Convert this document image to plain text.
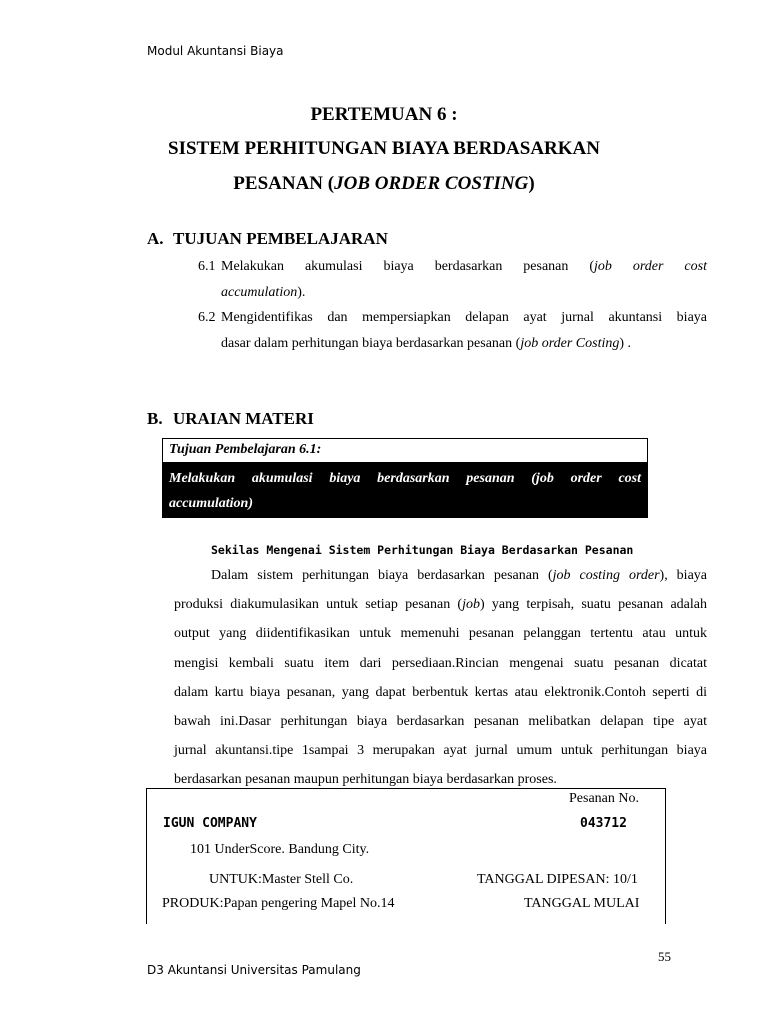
Modul Akuntansi Biaya
PERTEMUAN 6 :
SISTEM PERHITUNGAN BIAYA BERDASARKAN
PESANAN (JOB ORDER COSTING)
A. TUJUAN PEMBELAJARAN
6.1 Melakukan akumulasi biaya berdasarkan pesanan (job order cost
accumulation).
6.2 Mengidentifikas dan mempersiapkan delapan ayat jurnal akuntansi biaya
dasar dalam perhitungan biaya berdasarkan pesanan (job order Costing) .
B. URAIAN MATERI
Tujuan Pembelajaran 6.1:
Melakukan akumulasi biaya berdasarkan pesanan (job order cost
accumulation)
Sekilas Mengenai Sistem Perhitungan Biaya Berdasarkan Pesanan
Dalam sistem perhitungan biaya berdasarkan pesanan (job costing order), biaya
produksi diakumulasikan untuk setiap pesanan (job) yang terpisah, suatu pesanan adalah
output yang diidentifikasikan untuk memenuhi pesanan pelanggan tertentu atau untuk
mengisi kembali suatu item dari persediaan.Rincian mengenai suatu pesanan dicatat
dalam kartu biaya pesanan, yang dapat berbentuk kertas atau elektronik.Contoh seperti di
bawah ini.Dasar perhitungan biaya berdasarkan pesanan melibatkan delapan tipe ayat
jurnal akuntansi.tipe 1sampai 3 merupakan ayat jurnal umum untuk perhitungan biaya
berdasarkan pesanan maupun perhitungan biaya berdasarkan proses.
Pesanan No.
IGUN COMPANY	043712
101 UnderScore. Bandung City.
UNTUK:Master Stell Co.	TANGGAL DIPESAN: 10/1
PRODUK:Papan pengering Mapel No.14	TANGGAL MULAI
55
D3 Akuntansi Universitas Pamulang
